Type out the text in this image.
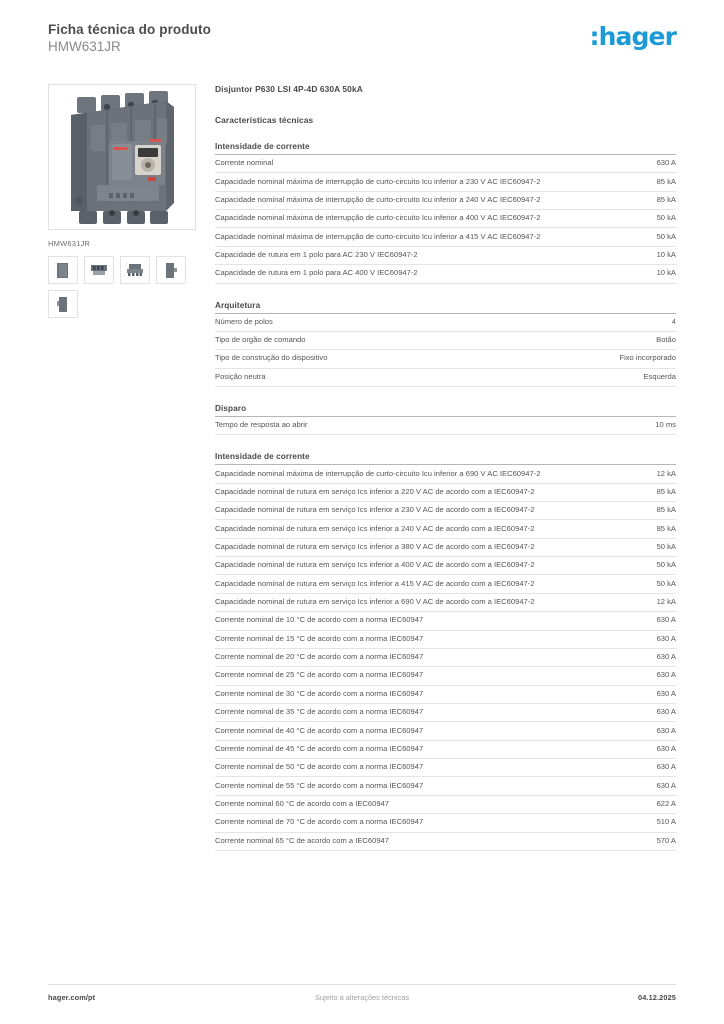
Ficha técnica do produto
HMW631JR	:hager
HMW631JR
Disjuntor P630 LSI 4P-4D 630A 50kA
Características técnicas
Intensidade de corrente
Corrente nominal	630 A
Capacidade nominal máxima de interrupção de curto-circuito Icu inferior a 230 V AC IEC60947-2	85 kA
Capacidade nominal máxima de interrupção de curto-circuito Icu inferior a 240 V AC IEC60947-2	85 kA
Capacidade nominal máxima de interrupção de curto-circuito Icu inferior a 400 V AC IEC60947-2	50 kA
Capacidade nominal máxima de interrupção de curto-circuito Icu inferior a 415 V AC IEC60947-2	50 kA
Capacidade de rutura em 1 polo para AC 230 V IEC60947-2	10 kA
Capacidade de rutura em 1 polo para AC 400 V IEC60947-2	10 kA
Arquitetura
Número de polos	4
Tipo de orgão de comando	Botão
Tipo de construção do dispositivo	Fixo incorporado
Posição neutra	Esquerda
Disparo
Tempo de resposta ao abrir	10 ms
Intensidade de corrente
Capacidade nominal máxima de interrupção de curto-circuito Icu inferior a 690 V AC IEC60947-2	12 kA
Capacidade nominal de rutura em serviço Ics inferior a 220 V AC de acordo com a IEC60947-2	85 kA
Capacidade nominal de rutura em serviço Ics inferior a 230 V AC de acordo com a IEC60947-2	85 kA
Capacidade nominal de rutura em serviço Ics inferior a 240 V AC de acordo com a IEC60947-2	85 kA
Capacidade nominal de rutura em serviço Ics inferior a 380 V AC de acordo com a IEC60947-2	50 kA
Capacidade nominal de rutura em serviço Ics inferior a 400 V AC de acordo com a IEC60947-2	50 kA
Capacidade nominal de rutura em serviço Ics inferior a 415 V AC de acordo com a IEC60947-2	50 kA
Capacidade nominal de rutura em serviço Ics inferior a 690 V AC de acordo com a IEC60947-2	12 kA
Corrente nominal de 10 °C de acordo com a norma IEC60947	630 A
Corrente nominal de 15 °C de acordo com a norma IEC60947	630 A
Corrente nominal de 20 °C de acordo com a norma IEC60947	630 A
Corrente nominal de 25 °C de acordo com a norma IEC60947	630 A
Corrente nominal de 30 °C de acordo com a norma IEC60947	630 A
Corrente nominal de 35 °C de acordo com a norma IEC60947	630 A
Corrente nominal de 40 °C de acordo com a norma IEC60947	630 A
Corrente nominal de 45 °C de acordo com a norma IEC60947	630 A
Corrente nominal de 50 °C de acordo com a norma IEC60947	630 A
Corrente nominal de 55 °C de acordo com a norma IEC60947	630 A
Corrente nominal 60 °C de acordo com a IEC60947	622 A
Corrente nominal de 70 °C de acordo com a norma IEC60947	510 A
Corrente nominal 65 °C de acordo com a IEC60947	570 A
hager.com/pt	Sujeito a alterações técnicas	04.12.2025
